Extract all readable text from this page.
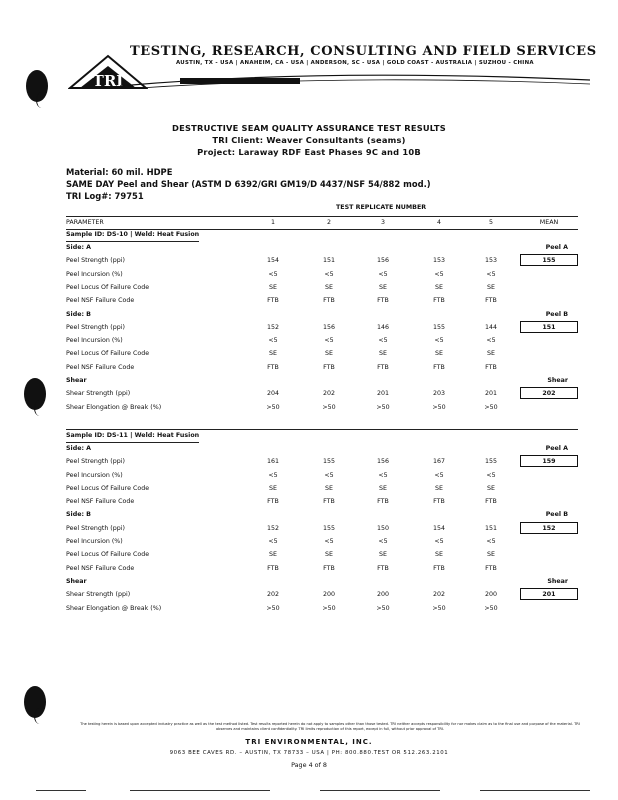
TRI
TESTING, RESEARCH, CONSULTING AND FIELD SERVICES
AUSTIN, TX - USA | ANAHEIM, CA - USA | ANDERSON, SC - USA | GOLD COAST - AUSTRALIA | SUZHOU - CHINA
DESTRUCTIVE SEAM QUALITY ASSURANCE TEST RESULTS
TRI Client: Weaver Consultants (seams)
Project: Laraway RDF East Phases 9C and 10B
Material: 60 mil. HDPE
SAME DAY Peel and Shear (ASTM D 6392/GRI GM19/D 4437/NSF 54/882 mod.)
TRI Log#: 79751
TEST REPLICATE NUMBER
PARAMETER	1	2	3	4	5	MEAN
Sample ID: DS-10 | Weld: Heat Fusion
Side: A	Peel A
Peel Strength (ppi)	154	151	156	153	153	155
Peel Incursion (%)	<5	<5	<5	<5	<5
Peel Locus Of Failure Code	SE	SE	SE	SE	SE
Peel NSF Failure Code	FTB	FTB	FTB	FTB	FTB
Side: B	Peel B
Peel Strength (ppi)	152	156	146	155	144	151
Peel Incursion (%)	<5	<5	<5	<5	<5
Peel Locus Of Failure Code	SE	SE	SE	SE	SE
Peel NSF Failure Code	FTB	FTB	FTB	FTB	FTB
Shear	Shear
Shear Strength (ppi)	204	202	201	203	201	202
Shear Elongation @ Break (%)	>50	>50	>50	>50	>50
Sample ID: DS-11 | Weld: Heat Fusion
Side: A	Peel A
Peel Strength (ppi)	161	155	156	167	155	159
Peel Incursion (%)	<5	<5	<5	<5	<5
Peel Locus Of Failure Code	SE	SE	SE	SE	SE
Peel NSF Failure Code	FTB	FTB	FTB	FTB	FTB
Side: B	Peel B
Peel Strength (ppi)	152	155	150	154	151	152
Peel Incursion (%)	<5	<5	<5	<5	<5
Peel Locus Of Failure Code	SE	SE	SE	SE	SE
Peel NSF Failure Code	FTB	FTB	FTB	FTB	FTB
Shear	Shear
Shear Strength (ppi)	202	200	200	202	200	201
Shear Elongation @ Break (%)	>50	>50	>50	>50	>50
The testing herein is based upon accepted industry practice as well as the test method listed. Test results reported herein do not apply to samples other than those tested. TRI neither accepts responsibility for nor makes claim as to the final use and purpose of the material. TRI observes and maintains client confidentiality. TRI limits reproduction of this report, except in full, without prior approval of TRI.
TRI ENVIRONMENTAL, INC.
9063 BEE CAVES RD. – AUSTIN, TX 78733 – USA | PH: 800.880.TEST OR 512.263.2101
Page 4 of 8
